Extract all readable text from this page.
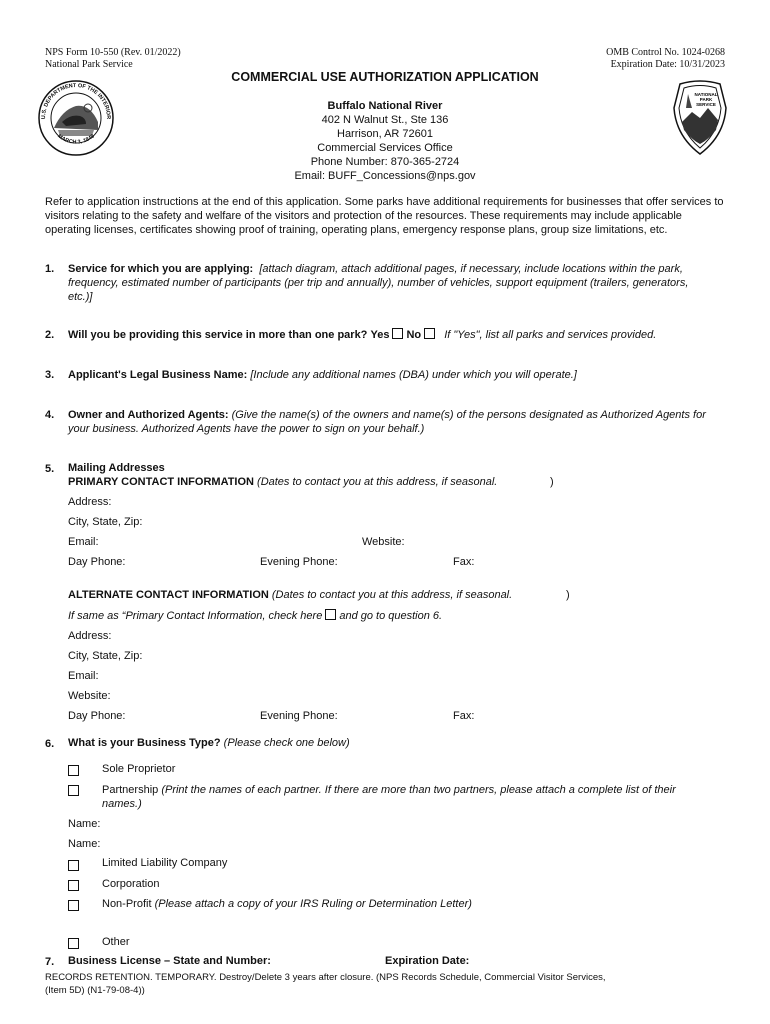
NPS Form 10-550 (Rev. 01/2022)
National Park Service
OMB Control No. 1024-0268
Expiration Date: 10/31/2023
U.S. DEPARTMENT OF THE INTERIOR
MARCH 3, 1849
NATIONAL
PARK
SERVICE
COMMERCIAL USE AUTHORIZATION APPLICATION
Buffalo National River
402 N Walnut St., Ste 136
Harrison, AR 72601
Commercial Services Office
Phone Number: 870-365-2724
Email: BUFF_Concessions@nps.gov
Refer to application instructions at the end of this application. Some parks have additional requirements for businesses that offer services to visitors relating to the safety and welfare of the visitors and protection of the resources. These requirements may include applicable operating licenses, certificates showing proof of training, operating plans, emergency response plans, group size limitations, etc.
1. Service for which you are applying: [attach diagram, attach additional pages, if necessary, include locations within the park, frequency, estimated number of participants (per trip and annually), number of vehicles, support equipment (trailers, generators, etc.)]
2. Will you be providing this service in more than one park? Yes No If "Yes", list all parks and services provided.
3. Applicant's Legal Business Name: [Include any additional names (DBA) under which you will operate.]
4. Owner and Authorized Agents: (Give the name(s) of the owners and name(s) of the persons designated as Authorized Agents for your business. Authorized Agents have the power to sign on your behalf.)
5. Mailing Addresses
PRIMARY CONTACT INFORMATION (Dates to contact you at this address, if seasonal.	)
Address:
City, State, Zip:
Email:	Website:
Day Phone:	Evening Phone:	Fax:
ALTERNATE CONTACT INFORMATION (Dates to contact you at this address, if seasonal.	)
If same as “Primary Contact Information, check here and go to question 6.
Address:
City, State, Zip:
Email:
Website:
Day Phone:	Evening Phone:	Fax:
6. What is your Business Type? (Please check one below)
Sole Proprietor
Partnership (Print the names of each partner. If there are more than two partners, please attach a complete list of their names.)
Name:
Name:
Limited Liability Company
Corporation
Non-Profit (Please attach a copy of your IRS Ruling or Determination Letter)
Other
7. Business License – State and Number:	Expiration Date:
RECORDS RETENTION. TEMPORARY. Destroy/Delete 3 years after closure. (NPS Records Schedule, Commercial Visitor Services,
(Item 5D) (N1-79-08-4))
